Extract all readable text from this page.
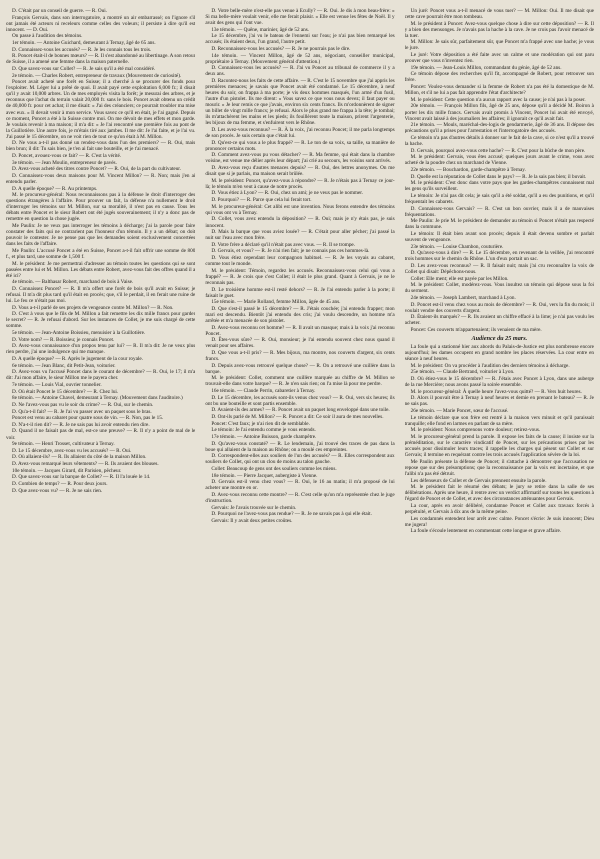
D. C'était par un conseil de guerre. — R. Oui.

François Gervais, dans son interrogatoire, a montré un air embarrassé; on l'ignore s'il ont jamais été acteurs ni receleurs comme celles des voleurs; il persiste à dire qu'il est innocent. — D. Oui.

On passe à l'audition des témoins.

1er témoin. — Antoine Guichard, demeurant à Ternay, âgé de 65 ans.

D. Connaissez-vous les accusés? — R. Je les connais tous les trois.

R. Poncet était-il de bonnes mœurs? — R. Il s'est abandonné au libertinage. A son retour de Suisse, il a amené une femme dans la maison paternelle.

D. Que savez-vous sur Collet? — R. Je sais qu'il a été mal considéré.

2e témoin. — Charles Robert, entrepreneur de travaux (Mouvement de curiosité).

Poncet avait acheté une forêt en Suisse; il a cherché à se procurer des fonds pour l'exploiter. M. Léger lui a prêté de quoi. Il avait payé cette exploitation 6,000 fr.; il disait qu'il y avait 10,000 arbres. Un de mes employés visita la forêt; je mesurai des arbres, et je reconnus que l'achat du terrain valait 20,000 fr. sans le bois. Poncet avait obtenu un crédit de 40,000 fr. pour cet achat; il me disait: « J'ai des créanciers; ce pourrait troubler ma mise avec eux. » Il devait venir à mon service. Vous savez ce qu'il en était, je l'ai gagné. Depuis ce moment, Poncet a été à la Suisse contre moi. On me dévoit de mes effets et mon garde. Je voulais revenir à ma maison; il m'a dit: « Je l'ai rencontré une première fois au pont de la Guillotière. Une autre fois, je m'étais tiré aux jambes. Il me dit: Je l'ai faite, et je l'ai vu. J'ai passé le 15 décembre, on ne voit rien de tout ce qu'on était à M. Millon.

D. Ne vous a-t-il pas donné un rendez-vous dans l'un des premiers? — R. Oui, mais bien brun; il dit: Tu sais bien, je t'en ai fait une bouteille, et je t'ai menacé.

D. Poncet, avouez-vous ce fait? — R. C'est la vérité.

3e témoin. — Jean Moulin, entrepreneur de pavés.

D. Avez-vous acheté des titres contre Poncet? — R. Oui, de la part du cultivateur.

D. Connaissez-vous deux maisons pour M. Vincent Millon? — R. Non; mais j'en ai entendu parler.

D. A quelle époque? — R. Au printemps.

M. le procureur-général: Nous reconnaissons pas à la défense le droit d'interroger des questions étrangères à l'affaire. Pour prouver un fait, la défense n'a nullement le droit d'interroger les témoins sur M. Millon, sur sa moralité, il n'est pas en cause. Tous les débats entre Poncet et le sieur Robert ont été jugés souverainement; il n'y a donc pas de remettre en question la chose jugée.

Me Paulin: Je ne veux pas interroger les témoins à décharge; j'ai la parole pour faire constater des faits qui ne contrarient pas l'honneur d'un témoin. Il y a un débat; on doit pouvoir le contester. Je ne pense pas que les demandes soient exclusivement concertées dans les faits de l'affaire.

Me Paulin: L'accusé Poncet a été en Suisse, Poncet a-t-il fait offrir une somme de 800 f., et plus tard, une somme de 1,500 f.

M. le président: Je me permettrai d'adresser au témoin toutes les questions qui se sont passées entre lui et M. Millon. Les débats entre Robert, avez-vous fait des offres quand il a été ici?

4e témoin. — Balthasar Robert, marchand de bois à Vaise.

D. Connaissez Poncet? — R. Il m'a offert une forêt de bois qu'il avait en Suisse; je refusai. Il m'a dit plus tard qu'il était en procès; que, s'il le perdait, il en ferait une ruine de lui. Le feu ce n'était pas moi.

D. Vous a-t-il parlé de ses projets de vengeance contre M. Millon? — R. Non.

D. C'est à vous que le fils de M. Millon a fait remettre les dix mille francs pour garder le secret? — R. Je refusai d'abord. Sur les instances de Collet, je me suis chargé de cette somme.

5e témoin. — Jean-Antoine Boissieu, menuisier à la Guillotière.

D. Votre nom? — R. Boissieu; je connais Poncet.

D. Avez-vous connaissance d'un propos tenu par lui? — R. Il m'a dit: Je ne veux plus rien perdre, j'ai une indulgence qui me manque.

D. A quelle époque? — R. Après le jugement de la cour royale.

6e témoin. — Jean Blanc, dit Petit-Jean, voiturier.

D. Avez-vous vu l'accusé Poncet dans le courant de décembre? — R. Oui, le 17; il m'a dit: J'ai mon affaire, le sieur Millon me le payera cher.

7e témoin. — Louis Vial, ouvrier tonnelier.

D. Où était Poncet le 15 décembre? — R. Chez lui.

8e témoin. — Antoine Chavel, demeurant à Ternay. (Mouvement dans l'auditoire.)

D. Ne l'avez-vous pas vu le soir du crime? — R. Oui, sur le chemin.

D. Qu'a-t-il fait? — R. Je l'ai vu passer avec un paquet sous le bras.

Poncet est venu au cabaret pour quatre sous de vin. — R. Non, pas le 15.

D. N'a-t-il rien dit? — R. Je ne sais pas lui avoir entendu rien dire.

D. Quand il ne faisait pas de mal, est-ce une preuve? — R. Il n'y a point de mal de le voir.

9e témoin. — Henri Trosset, cultivateur à Ternay.

D. Le 15 décembre, avez-vous vu les accusés? — R. Oui.

D. Où allaient-ils? — R. Ils allaient du côté de la maison Millon.

D. Avez-vous remarqué leurs vêtements? — R. Ils avaient des blouses.

10e témoin. — Jacques Girard, dit Parisien, pêcheur.

D. Que savez-vous sur la barque de Collet? — R. Il l'a louée le 14.

D. Combien de temps? — R. Pour deux jours.

D. Que avez-vous vu? — R. Je ne sais rien.

D. Votre belle-mère n'est-elle pas venue à Ecully? — R. Oui. Je dis à mon beau-frère: « Si ma belle-mère voulait venir, elle me ferait plaisir. » Elle est venue les fêtes de Noël. Il y avait des gens qui l'ont vue.

13e témoin. — Quêne, marinier, âgé de 52 ans.

Le 15 décembre, j'ai vu le bateau de l'ennemi sur l'eau; je n'ai pas bien remarqué les accusés; ils étaient deux, l'un grand, l'autre petit.

D. Reconnaissez-vous les accusés? — R. Je ne pourrais pas le dire.

14e témoin. — Vincent Millon, âgé de 52 ans, négociant, conseiller municipal, propriétaire à Ternay. (Mouvement général d'attention.)

D. Connaissez-vous les accusés? — R. J'ai vu Poncet au tribunal de commerce il y a deux ans.

D. Racontez-nous les faits de cette affaire. — R. C'est le 15 novembre que j'ai appris les premières menaces; je savais que Poncet avait été condamné. Le 15 décembre, à neuf heures du soir, on frappa à ma porte; je vis deux hommes masqués, l'un armé d'un fusil, l'autre d'un pistolet. Ils me dirent: « Vous savez ce que vous nous devez; il faut payer ou mourir. » Je leur remis ce que j'avais, environ six cents francs. Ils m'ordonnèrent de signer un billet de vingt mille francs; je refusai. Alors le plus grand me frappa à la tête; je tombai; ils m'attachèrent les mains et les pieds; ils fouillèrent toute la maison, prirent l'argenterie, les bijoux de ma femme, et s'enfuirent vers le Rhône.

D. Les avez-vous reconnus? — R. À la voix, j'ai reconnu Poncet; il me parla longtemps de son procès. Je suis certain que c'était lui.

D. Qu'est-ce qui vous a le plus frappé? — R. Le ton de sa voix, sa taille, sa manière de prononcer certains mots.

D. Comment avez-vous pu vous détacher? — R. Ma femme, qui était dans la chambre voisine, est venue me délier après leur départ; j'ai crié au secours, les voisins sont arrivés.

D. Avez-vous reçu d'autres menaces depuis? — R. Oui, des lettres anonymes. On me disait que si je parlais, ma maison serait brûlée.

M. le président: Poncet, qu'avez-vous à répondre? — R. Je n'étais pas à Ternay ce jour-là; le témoin m'en veut à cause de notre procès.

D. Vous étiez à Lyon? — R. Oui, chez un ami; je ne veux pas le nommer.

D. Pourquoi? — R. Parce que cela lui ferait tort.

M. le procureur-général: Cet alibi est une invention. Nous ferons entendre des témoins qui vous ont vu à Ternay.

D. Collet, vous avez entendu la déposition? — R. Oui; mais je n'y étais pas, je suis innocent.

D. Mais la barque que vous aviez louée? — R. C'était pour aller pêcher; j'ai passé la nuit sur l'eau avec mon frère.

D. Votre frère a déclaré qu'il n'était pas avec vous. — R. Il se trompe.

D. Gervais, et vous? — R. Je n'ai rien fait; je ne connais pas ces hommes-là.

D. Vous étiez cependant leur compagnon habituel. — R. Je les voyais au cabaret, comme tout le monde.

M. le président: Témoin, regardez les accusés. Reconnaissez-vous celui qui vous a frappé? — R. Je crois que c'est Collet; il était le plus grand. Quant à Gervais, je ne le reconnais pas.

D. Le troisième homme est-il resté dehors? — R. Je l'ai entendu parler à la porte; il faisait le guet.

15e témoin. — Marie Rolland, femme Millon, âgée de 45 ans.

D. Que s'est-il passé le 15 décembre? — R. J'étais couchée; j'ai entendu frapper; mon mari est descendu. Bientôt j'ai entendu des cris; j'ai voulu descendre, un homme m'a arrêtée et m'a menacée de son pistolet.

D. Avez-vous reconnu cet homme? — R. Il avait un masque; mais à la voix j'ai reconnu Poncet.

D. Êtes-vous sûre? — R. Oui, monsieur; je l'ai entendu souvent chez nous quand il venait pour ses affaires.

D. Que vous a-t-il pris? — R. Mes bijoux, ma montre, nos couverts d'argent, six cents francs.

D. Depuis avez-vous retrouvé quelque chose? — R. On a retrouvé une cuillère dans la barque.

M. le président: Collet, comment une cuillère marquée au chiffre de M. Millon se trouvait-elle dans votre barque? — R. Je n'en sais rien; on l'a mise là pour me perdre.

16e témoin. — Claude Perrin, cabaretier à Ternay.

D. Le 15 décembre, les accusés sont-ils venus chez vous? — R. Oui, vers six heures; ils ont bu une bouteille et sont partis ensemble.

D. Avaient-ils des armes? — R. Poncet avait un paquet long enveloppé dans une toile.

D. Ont-ils parlé de M. Millon? — R. Poncet a dit: Ce soir il aura de mes nouvelles.

Poncet: C'est faux; je n'ai rien dit de semblable.

Le témoin: Je l'ai entendu comme je vous entends.

17e témoin. — Antoine Buisson, garde champêtre.

D. Qu'avez-vous constaté? — R. Le lendemain, j'ai trouvé des traces de pas dans la boue qui allaient de la maison au Rhône; on a moulé ces empreintes.

D. Correspondent-elles aux souliers de l'un des accusés? — R. Elles correspondent aux souliers de Collet, qui ont un clou de moins au talon gauche.

Collet: Beaucoup de gens ont des souliers comme les miens.

18e témoin. — Pierre Jacquet, aubergiste à Vienne.

D. Gervais est-il venu chez vous? — R. Oui, le 16 au matin; il m'a proposé de lui acheter une montre en or.

D. Avez-vous reconnu cette montre? — R. C'est celle qu'on m'a représentée chez le juge d'instruction.

Gervais: Je l'avais trouvée sur le chemin.

D. Pourquoi ne l'avez-vous pas rendue? — R. Je ne savais pas à qui elle était.

Gervais: Il y avait deux petites croûtes.

Un juré: Poncet vous a-t-il menacé de vous tuer? — M. Millon: Oui. Il me disait que cette cave pourrait être mon tombeau.

M. le président à Poncet: Avez-vous quelque chose à dire sur cette déposition? — R. Il y a bien des mensonges. Je n'avais pas la hache à la cave. Je ne crois pas l'avoir menacé de la tuer.

M. Millon: Je sais sûr, parfaitement sûr, que Poncet m'a frappé avec une hache; je vous le jure.

Le juré: Votre déposition a été faite avec un calme et une modération qui ont paru prouver que vous n'inventez rien.

19e témoin. — Jean-Louis Millon, commandant du génie, âgé de 52 ans.

Ce témoin dépose des recherches qu'il fit, accompagné de Robert, pour retrouver son frère.

Poncet: Voulez-vous demander si la femme de Robert n'a pas été la domestique de M. Millon, et s'il ne lui a pas fait apprendre l'état d'architecte?

M. le président: Cette question n'a aucun rapport avec la cause; je n'ai pas à la poser.

20e témoin. — François Millon fils, âgé de 25 ans, dépose qu'il a décidé M. Boiron à porter les dix mille francs. Gervais avait promis à Vincent, Poncet lui avait été envoyé, Vincent avait laissé à des journaliers les affaires; il ignorait ce qu'il avait fait.

21e témoin. — Mouls, maréchal-des-logis de gendarmerie, âgé de 36 ans. Il dépose des précautions qu'il a prises pour l'arrestation et l'interrogatoire des accusés.

Ce témoin n'a pas d'autres détails à donner sur le fait de la cave, si ce n'est qu'il a trouvé la hache.

D. Gervais, pourquoi avez-vous cette hache? — R. C'est pour la bûche de mon père.

M. le président: Gervais, vous êtes accusé; quelques jours avant le crime, vous avez acheté de la poudre chez un marchand de Vienne.

22e témoin. — Bouchardon, garde-champêtre à Ternay.

D. Quelle est la réputation de Collet dans le pays? — R. Je la sais pas bien; il buvait.

M. le président: C'est donc dans votre pays que les gardes-champêtres connaissent mal les gens qu'ils surveillent.

Le témoin: Je n'ai pas dit cela; je sais qu'il a été soldat, qu'il a eu des punitions, et qu'il fréquentait les cabarets.

D. Connaissez-vous Gervais? — R. C'est un bon ouvrier, mais il a de mauvaises fréquentations.

Me Paulin: Je prie M. le président de demander au témoin si Poncet n'était pas respecté dans la commune.

Le témoin: Il était bien avant son procès; depuis il était devenu sombre et parlait souvent de vengeance.

23e témoin. — Louise Chambon, couturière.

D. Qu'avez-vous à dire? — R. Le 15 décembre, en revenant de la veillée, j'ai rencontré trois hommes sur le chemin du Rhône. L'un d'eux portait un sac.

D. Les avez-vous reconnus? — R. Il faisait nuit; mais j'ai cru reconnaître la voix de Collet qui disait: Dépêchons-nous.

Collet: Elle ment; elle est payée par les Millon.

M. le président: Collet, modérez-vous. Vous insultez un témoin qui dépose sous la foi du serment.

24e témoin. — Joseph Lambert, marchand à Lyon.

D. Poncet est-il venu chez vous au mois de décembre? — R. Oui, vers la fin du mois; il voulait vendre des couverts d'argent.

D. Étaient-ils marqués? — R. Ils avaient un chiffre effacé à la lime; je n'ai pas voulu les acheter.

Poncet: Ces couverts m'appartenaient; ils venaient de ma mère.

Audience du 25 mars.

La foule qui a stationné hier aux abords du Palais-de-Justice est plus nombreuse encore aujourd'hui; les dames occupent en grand nombre les places réservées. La cour entre en séance à neuf heures.

M. le président: On va procéder à l'audition des derniers témoins à décharge.

25e témoin. — Claude Bertrand, voiturier à Lyon.

D. Où étiez-vous le 15 décembre? — R. J'étais avec Poncet à Lyon, dans une auberge de la rue Mercière; nous avons passé la soirée ensemble.

M. le procureur-général: À quelle heure l'avez-vous quitté? — R. Vers huit heures.

D. Alors il pouvait être à Ternay à neuf heures et demie en prenant le bateau? — R. Je ne sais pas.

26e témoin. — Marie Poncet, sœur de l'accusé.

Le témoin déclare que son frère est rentré à la maison vers minuit et qu'il paraissait tranquille; elle fond en larmes en parlant de sa mère.

M. le président: Nous comprenons votre douleur; retirez-vous.

M. le procureur-général prend la parole. Il expose les faits de la cause; il insiste sur la préméditation, sur le caractère vindicatif de Poncet, sur les précautions prises par les accusés pour dissimuler leurs traces; il rappelle les charges qui pèsent sur Collet et sur Gervais; il termine en requérant contre les trois accusés l'application sévère de la loi.

Me Paulin présente la défense de Poncet; il s'attache à démontrer que l'accusation ne repose que sur des présomptions; que la reconnaissance par la voix est incertaine, et que l'alibi n'a pas été détruit.

Les défenseurs de Collet et de Gervais prennent ensuite la parole.

M. le président fait le résumé des débats; le jury se retire dans la salle de ses délibérations. Après une heure, il rentre avec un verdict affirmatif sur toutes les questions à l'égard de Poncet et de Collet, et avec des circonstances atténuantes pour Gervais.

La cour, après en avoir délibéré, condamne Poncet et Collet aux travaux forcés à perpétuité, et Gervais à dix ans de la même peine.

Les condamnés entendent leur arrêt avec calme. Poncet s'écrie: Je suis innocent; Dieu me jugera!

La foule s'écoule lentement en commentant cette longue et grave affaire.
